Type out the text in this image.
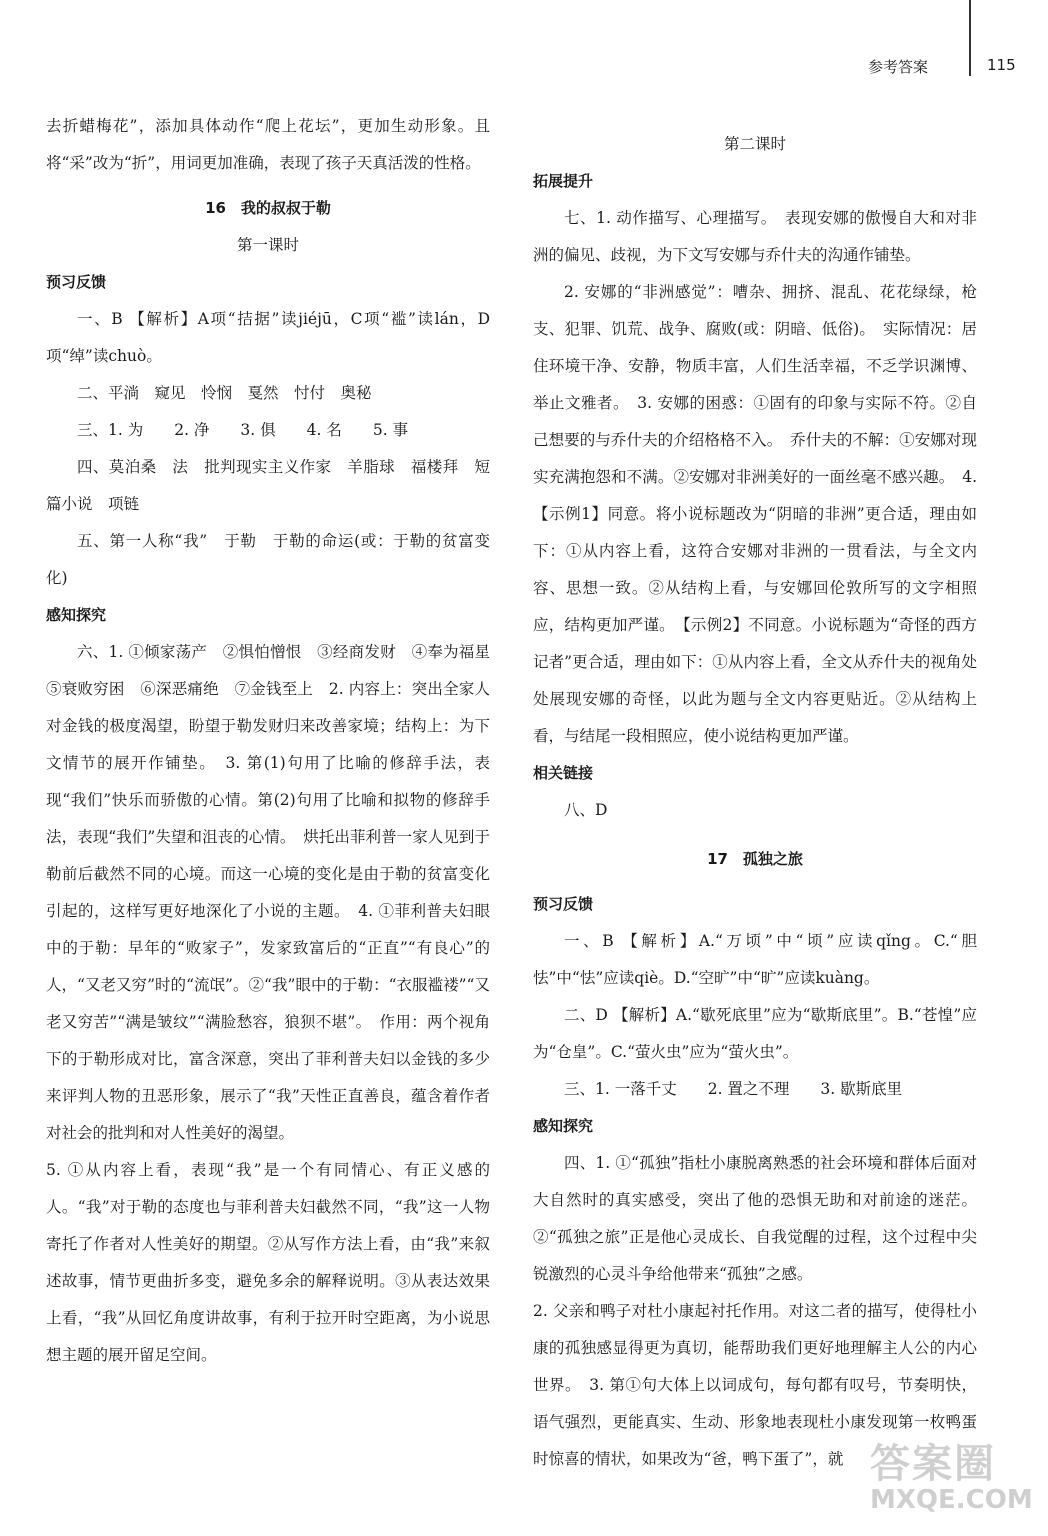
参考答案	115

去折蜡梅花”，添加具体动作“爬上花坛”，更加生动形象。且将“采”改为“折”，用词更加准确，表现了孩子天真活泼的性格。

16　我的叔叔于勒

第一课时

预习反馈

一、B 【解析】A项“拮据”读jiéjū，C项“褴”读lán，D项“绰”读chuò。

二、平淌　窥见　怜悯　戛然　忖付　奥秘

三、1. 为　　2. 净　　3. 俱　　4. 名　　5. 事

四、莫泊桑　法　批判现实主义作家　羊脂球　福楼拜　短篇小说　项链

五、第一人称“我”　于勒　于勒的命运(或：于勒的贫富变化)

感知探究

六、1. ①倾家荡产　②惧怕憎恨　③经商发财　④奉为福星　⑤衰败穷困　⑥深恶痛绝　⑦金钱至上　2. 内容上：突出全家人对金钱的极度渴望，盼望于勒发财归来改善家境；结构上：为下文情节的展开作铺垫。　3. 第(1)句用了比喻的修辞手法，表现“我们”快乐而骄傲的心情。第(2)句用了比喻和拟物的修辞手法，表现“我们”失望和沮丧的心情。　烘托出菲利普一家人见到于勒前后截然不同的心境。而这一心境的变化是由于勒的贫富变化引起的，这样写更好地深化了小说的主题。　4. ①菲利普夫妇眼中的于勒：早年的“败家子”，发家致富后的“正直”“有良心”的人，“又老又穷”时的“流氓”。②“我”眼中的于勒：“衣服褴褛”“又老又穷苦”“满是皱纹”“满脸愁容，狼狈不堪”。　作用：两个视角下的于勒形成对比，富含深意，突出了菲利普夫妇以金钱的多少来评判人物的丑恶形象，展示了“我”天性正直善良，蕴含着作者对社会的批判和对人性美好的渴望。

5. ①从内容上看，表现“我”是一个有同情心、有正义感的人。“我”对于勒的态度也与菲利普夫妇截然不同，“我”这一人物寄托了作者对人性美好的期望。②从写作方法上看，由“我”来叙述故事，情节更曲折多变，避免多余的解释说明。③从表达效果上看，“我”从回忆角度讲故事，有利于拉开时空距离，为小说思想主题的展开留足空间。

第二课时

拓展提升

七、1. 动作描写、心理描写。　表现安娜的傲慢自大和对非洲的偏见、歧视，为下文写安娜与乔什夫的沟通作铺垫。

2. 安娜的“非洲感觉”：嘈杂、拥挤、混乱、花花绿绿，枪支、犯罪、饥荒、战争、腐败(或：阴暗、低俗)。　实际情况：居住环境干净、安静，物质丰富，人们生活幸福，不乏学识渊博、举止文雅者。　3. 安娜的困惑：①固有的印象与实际不符。②自己想要的与乔什夫的介绍格格不入。　乔什夫的不解：①安娜对现实充满抱怨和不满。②安娜对非洲美好的一面丝毫不感兴趣。　4.【示例1】同意。将小说标题改为“阴暗的非洲”更合适，理由如下：①从内容上看，这符合安娜对非洲的一贯看法，与全文内容、思想一致。②从结构上看，与安娜回伦敦所写的文字相照应，结构更加严谨。　【示例2】不同意。小说标题为“奇怪的西方记者”更合适，理由如下：①从内容上看，全文从乔什夫的视角处处展现安娜的奇怪，以此为题与全文内容更贴近。②从结构上看，与结尾一段相照应，使小说结构更加严谨。

相关链接

八、D

17　孤独之旅

预习反馈

一、B 【解析】A.“万顷”中“顷”应读qǐng。C.“胆怯”中“怯”应读qiè。D.“空旷”中“旷”应读kuàng。

二、D 【解析】A.“歇死底里”应为“歇斯底里”。B.“苍惶”应为“仓皇”。C.“萤火虫”应为“萤火虫”。

三、1. 一落千丈　　2. 置之不理　　3. 歇斯底里

感知探究

四、1. ①“孤独”指杜小康脱离熟悉的社会环境和群体后面对大自然时的真实感受，突出了他的恐惧无助和对前途的迷茫。②“孤独之旅”正是他心灵成长、自我觉醒的过程，这个过程中尖锐激烈的心灵斗争给他带来“孤独”之感。

2. 父亲和鸭子对杜小康起衬托作用。对这二者的描写，使得杜小康的孤独感显得更为真切，能帮助我们更好地理解主人公的内心世界。　3. 第①句大体上以词成句，每句都有叹号，节奏明快，语气强烈，更能真实、生动、形象地表现杜小康发现第一枚鸭蛋时惊喜的情状，如果改为“爸，鸭下蛋了”，就 答案圈
MXQE.COM
